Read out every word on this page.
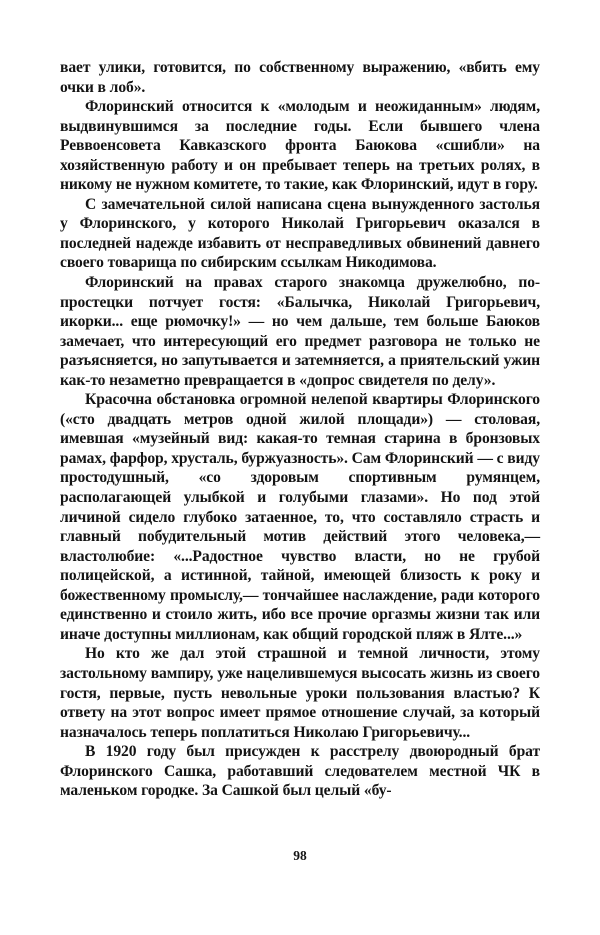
вает улики, готовится, по собственному выражению, «вбить ему очки в лоб».

Флоринский относится к «молодым и неожиданным» людям, выдвинувшимся за последние годы. Если бывшего члена Реввоенсовета Кавказского фронта Баюкова «сшибли» на хозяйственную работу и он пребывает теперь на третьих ролях, в никому не нужном комитете, то такие, как Флоринский, идут в гору.

С замечательной силой написана сцена вынужденного застолья у Флоринского, у которого Николай Григорьевич оказался в последней надежде избавить от несправедливых обвинений давнего своего товарища по сибирским ссылкам Никодимова.

Флоринский на правах старого знакомца дружелюбно, по-простецки потчует гостя: «Балычка, Николай Григорьевич, икорки... еще рюмочку!» — но чем дальше, тем больше Баюков замечает, что интересующий его предмет разговора не только не разъясняется, но запутывается и затемняется, а приятельский ужин как-то незаметно превращается в «допрос свидетеля по делу».

Красочна обстановка огромной нелепой квартиры Флоринского («сто двадцать метров одной жилой площади») — столовая, имевшая «музейный вид: какая-то темная старина в бронзовых рамах, фарфор, хрусталь, буржуазность». Сам Флоринский — с виду простодушный, «со здоровым спортивным румянцем, располагающей улыбкой и голубыми глазами». Но под этой личиной сидело глубоко затаенное, то, что составляло страсть и главный побудительный мотив действий этого человека,— властолюбие: «...Радостное чувство власти, но не грубой полицейской, а истинной, тайной, имеющей близость к року и божественному промыслу,— тончайшее наслаждение, ради которого единственно и стоило жить, ибо все прочие оргазмы жизни так или иначе доступны миллионам, как общий городской пляж в Ялте...»

Но кто же дал этой страшной и темной личности, этому застольному вампиру, уже нацелившемуся высосать жизнь из своего гостя, первые, пусть невольные уроки пользования властью? К ответу на этот вопрос имеет прямое отношение случай, за который назначалось теперь поплатиться Николаю Григорьевичу...

В 1920 году был присужден к расстрелу двоюродный брат Флоринского Сашка, работавший следователем местной ЧК в маленьком городке. За Сашкой был целый «бу-

98
